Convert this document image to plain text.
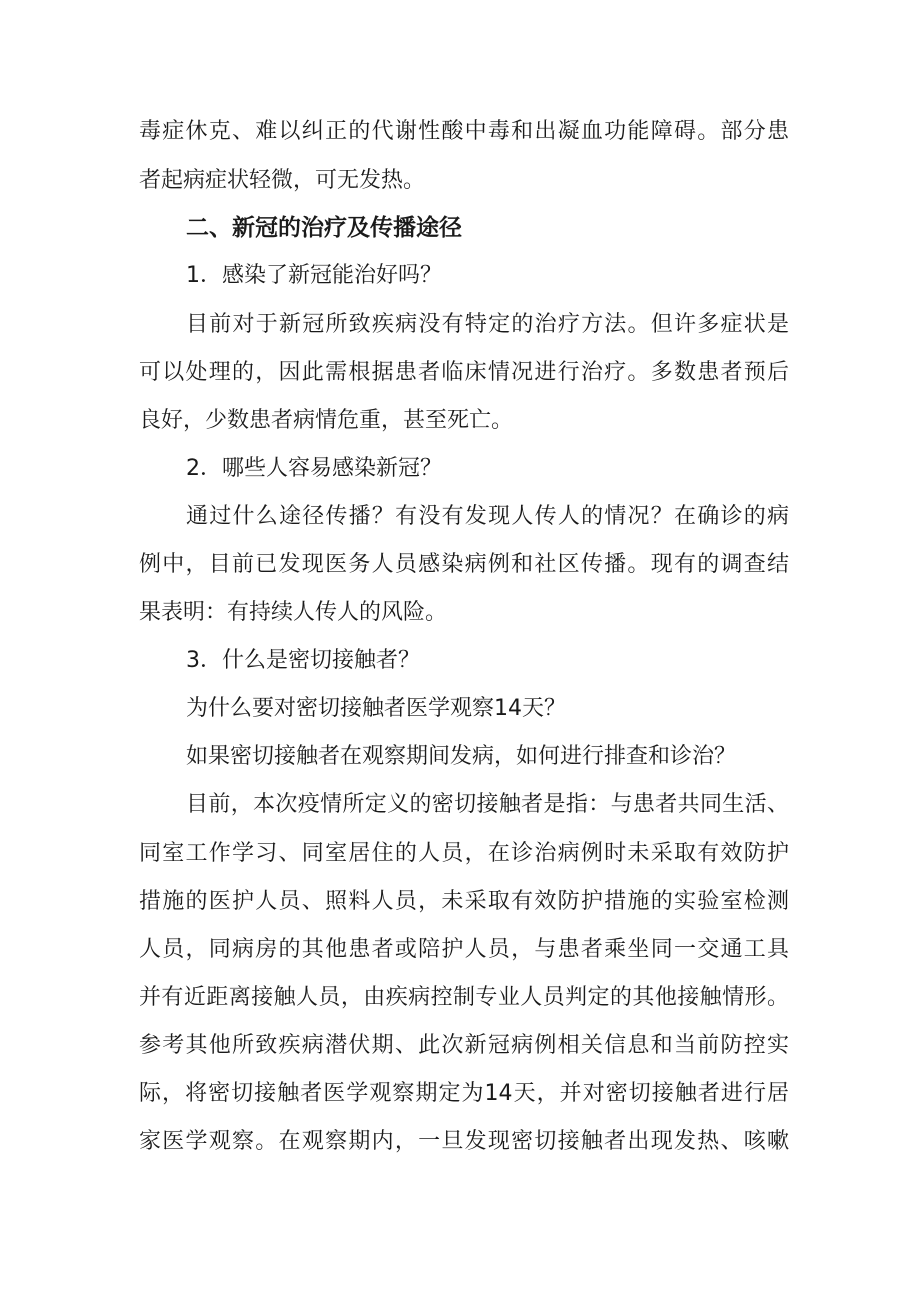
毒症休克、难以纠正的代谢性酸中毒和出凝血功能障碍。部分患
者起病症状轻微，可无发热。
二、新冠的治疗及传播途径
1．感染了新冠能治好吗？
目前对于新冠所致疾病没有特定的治疗方法。但许多症状是
可以处理的，因此需根据患者临床情况进行治疗。多数患者预后
良好，少数患者病情危重，甚至死亡。
2．哪些人容易感染新冠？
通过什么途径传播？有没有发现人传人的情况？在确诊的病
例中，目前已发现医务人员感染病例和社区传播。现有的调查结
果表明：有持续人传人的风险。
3．什么是密切接触者？
为什么要对密切接触者医学观察14天？
如果密切接触者在观察期间发病，如何进行排查和诊治？
目前，本次疫情所定义的密切接触者是指：与患者共同生活、
同室工作学习、同室居住的人员，在诊治病例时未采取有效防护
措施的医护人员、照料人员，未采取有效防护措施的实验室检测
人员，同病房的其他患者或陪护人员，与患者乘坐同一交通工具
并有近距离接触人员，由疾病控制专业人员判定的其他接触情形。
参考其他所致疾病潜伏期、此次新冠病例相关信息和当前防控实
际，将密切接触者医学观察期定为14天，并对密切接触者进行居
家医学观察。在观察期内，一旦发现密切接触者出现发热、咳嗽
